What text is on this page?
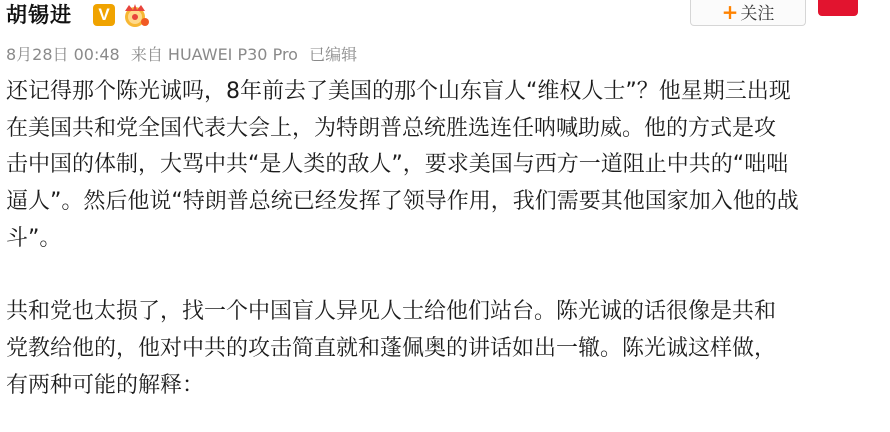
胡锡进	V	+ 关注
8月28日 00:48 来自 HUAWEI P30 Pro 已编辑
还记得那个陈光诚吗，8年前去了美国的那个山东盲人“维权人士”？他星期三出现
在美国共和党全国代表大会上，为特朗普总统胜选连任呐喊助威。他的方式是攻
击中国的体制，大骂中共“是人类的敌人”，要求美国与西方一道阻止中共的“咄咄
逼人”。然后他说“特朗普总统已经发挥了领导作用，我们需要其他国家加入他的战
斗”。
共和党也太损了，找一个中国盲人异见人士给他们站台。陈光诚的话很像是共和
党教给他的，他对中共的攻击简直就和蓬佩奥的讲话如出一辙。陈光诚这样做，
有两种可能的解释：
